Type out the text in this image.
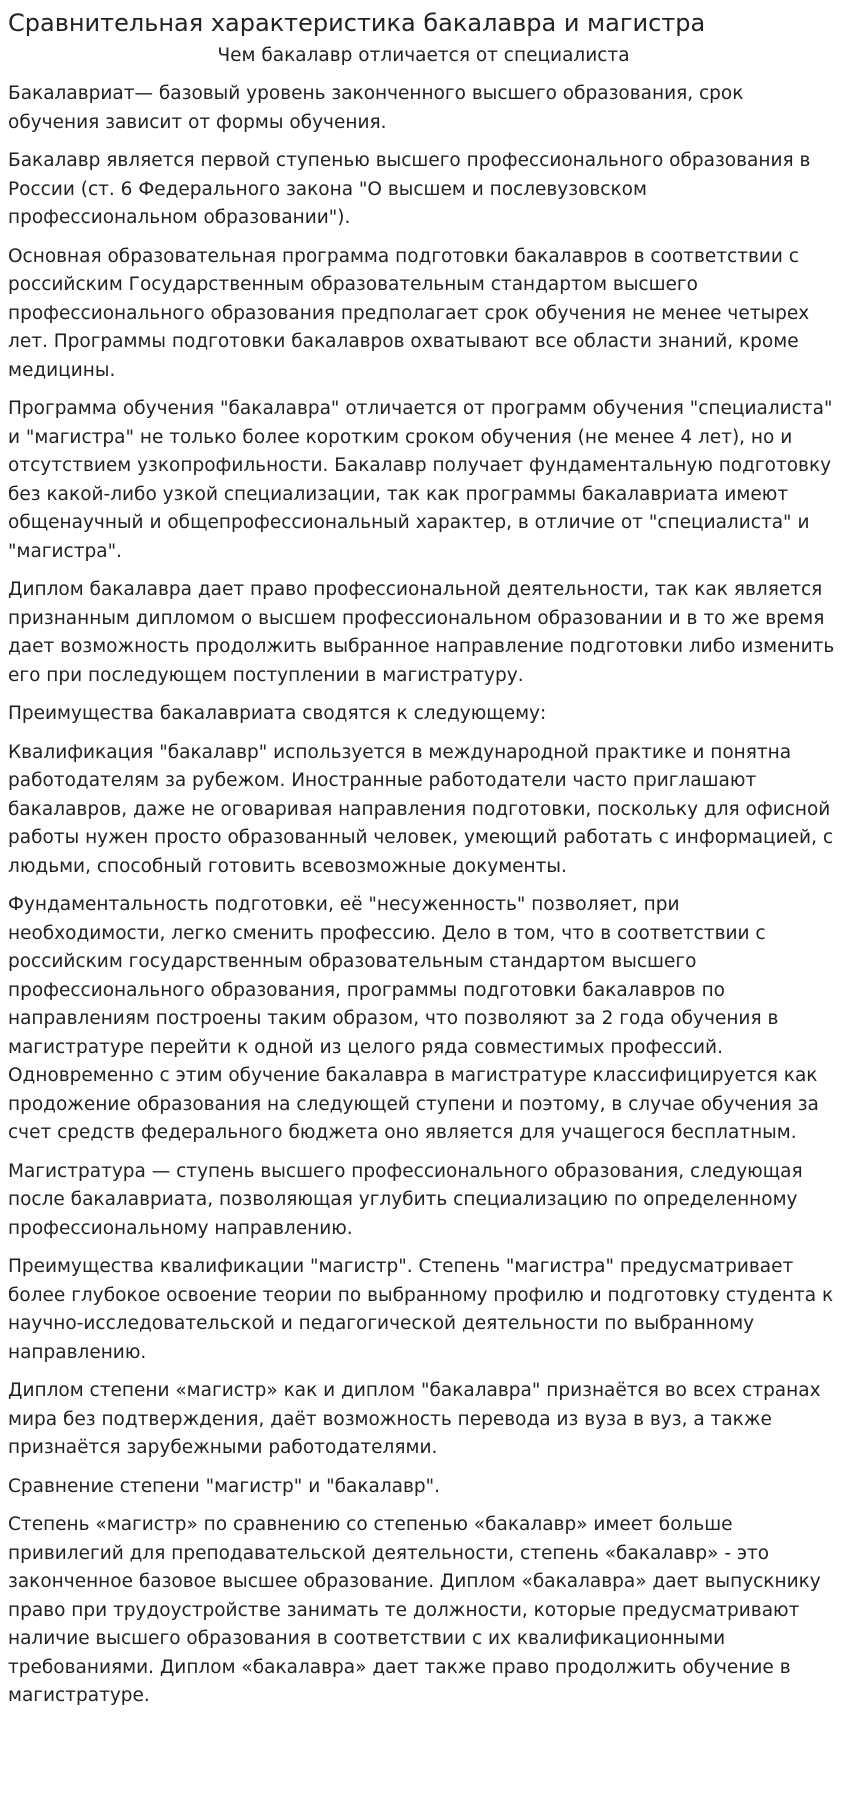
Сравнительная характеристика бакалавра и магистра
Чем бакалавр отличается от специалиста

Бакалавриат— базовый уровень законченного высшего образования, срок обучения зависит от формы обучения.

Бакалавр является первой ступенью высшего профессионального образования в России (ст. 6 Федерального закона "О высшем и послевузовском профессиональном образовании").

Основная образовательная программа подготовки бакалавров в соответствии с российским Государственным образовательным стандартом высшего профессионального образования предполагает срок обучения не менее четырех лет. Программы подготовки бакалавров охватывают все области знаний, кроме медицины.

Программа обучения "бакалавра" отличается от программ обучения "специалиста" и "магистра" не только более коротким сроком обучения (не менее 4 лет), но и отсутствием узкопрофильности. Бакалавр получает фундаментальную подготовку без какой-либо узкой специализации, так как программы бакалавриата имеют общенаучный и общепрофессиональный характер, в отличие от "специалиста" и "магистра".

Диплом бакалавра дает право профессиональной деятельности, так как является признанным дипломом о высшем профессиональном образовании и в то же время дает возможность продолжить выбранное направление подготовки либо изменить его при последующем поступлении в магистратуру.

Преимущества бакалавриата сводятся к следующему:

Квалификация "бакалавр" используется в международной практике и понятна работодателям за рубежом. Иностранные работодатели часто приглашают бакалавров, даже не оговаривая направления подготовки, поскольку для офисной работы нужен просто образованный человек, умеющий работать с информацией, с людьми, способный готовить всевозможные документы.

Фундаментальность подготовки, её "несуженность" позволяет, при необходимости, легко сменить профессию. Дело в том, что в соответствии с российским государственным образовательным стандартом высшего профессионального образования, программы подготовки бакалавров по направлениям построены таким образом, что позволяют за 2 года обучения в магистратуре перейти к одной из целого ряда совместимых профессий. Одновременно с этим обучение бакалавра в магистратуре классифицируется как продожение образования на следующей ступени и поэтому, в случае обучения за счет средств федерального бюджета оно является для учащегося бесплатным.

Магистратура — ступень высшего профессионального образования, следующая после бакалавриата, позволяющая углубить специализацию по определенному профессиональному направлению.

Преимущества квалификации "магистр". Степень "магистра" предусматривает более глубокое освоение теории по выбранному профилю и подготовку студента к научно-исследовательской и педагогической деятельности по выбранному направлению.

Диплом степени «магистр» как и диплом "бакалавра" признаётся во всех странах мира без подтверждения, даёт возможность перевода из вуза в вуз, а также признаётся зарубежными работодателями.

Сравнение степени "магистр" и "бакалавр".

Степень «магистр» по сравнению со степенью «бакалавр» имеет больше привилегий для преподавательской деятельности, степень «бакалавр» - это законченное базовое высшее образование. Диплом «бакалавра» дает выпускнику право при трудоустройстве занимать те должности, которые предусматривают наличие высшего образования в соответствии с их квалификационными требованиями. Диплом «бакалавра» дает также право продолжить обучение в магистратуре.
